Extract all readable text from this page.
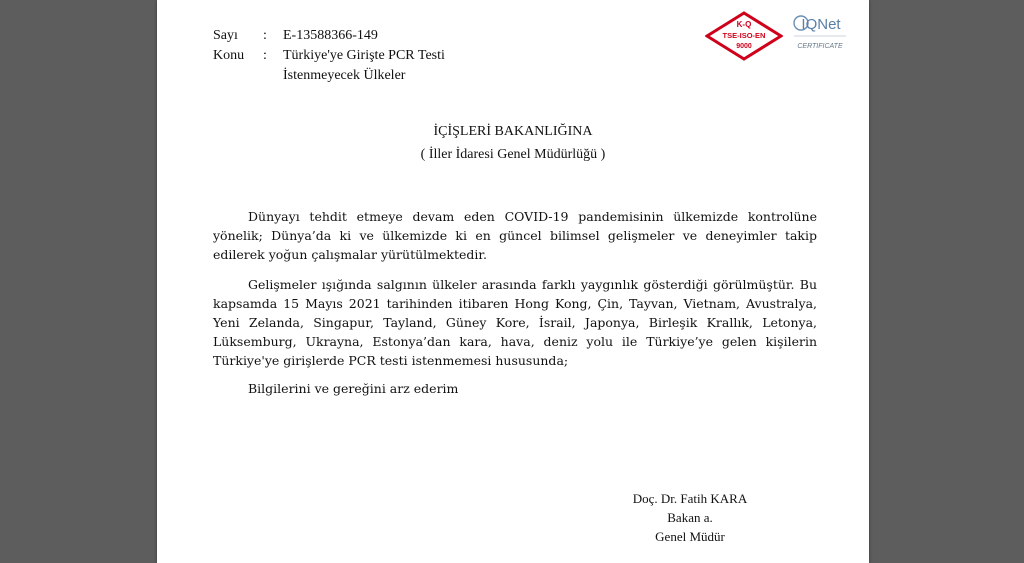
Sayı	:	E-13588366-149
Konu	:	Türkiye'ye Girişte PCR Testi
İstenmeyecek Ülkeler
K-Q
TSE-ISO-EN
9000
IQNet
CERTIFICATE
İÇİŞLERİ BAKANLIĞINA
( İller İdaresi Genel Müdürlüğü )
Dünyayı tehdit etmeye devam eden COVID-19 pandemisinin ülkemizde kontrolüne yönelik; Dünya’da ki ve ülkemizde ki en güncel bilimsel gelişmeler ve deneyimler takip edilerek yoğun çalışmalar yürütülmektedir.
Gelişmeler ışığında salgının ülkeler arasında farklı yaygınlık gösterdiği görülmüştür. Bu kapsamda 15 Mayıs 2021 tarihinden itibaren Hong Kong, Çin, Tayvan, Vietnam, Avustralya, Yeni Zelanda, Singapur, Tayland, Güney Kore, İsrail, Japonya, Birleşik Krallık, Letonya, Lüksemburg, Ukrayna, Estonya’dan kara, hava, deniz yolu ile Türkiye’ye gelen kişilerin Türkiye'ye girişlerde PCR testi istenmemesi hususunda;
Bilgilerini ve gereğini arz ederim
Doç. Dr. Fatih KARA
Bakan a.
Genel Müdür
